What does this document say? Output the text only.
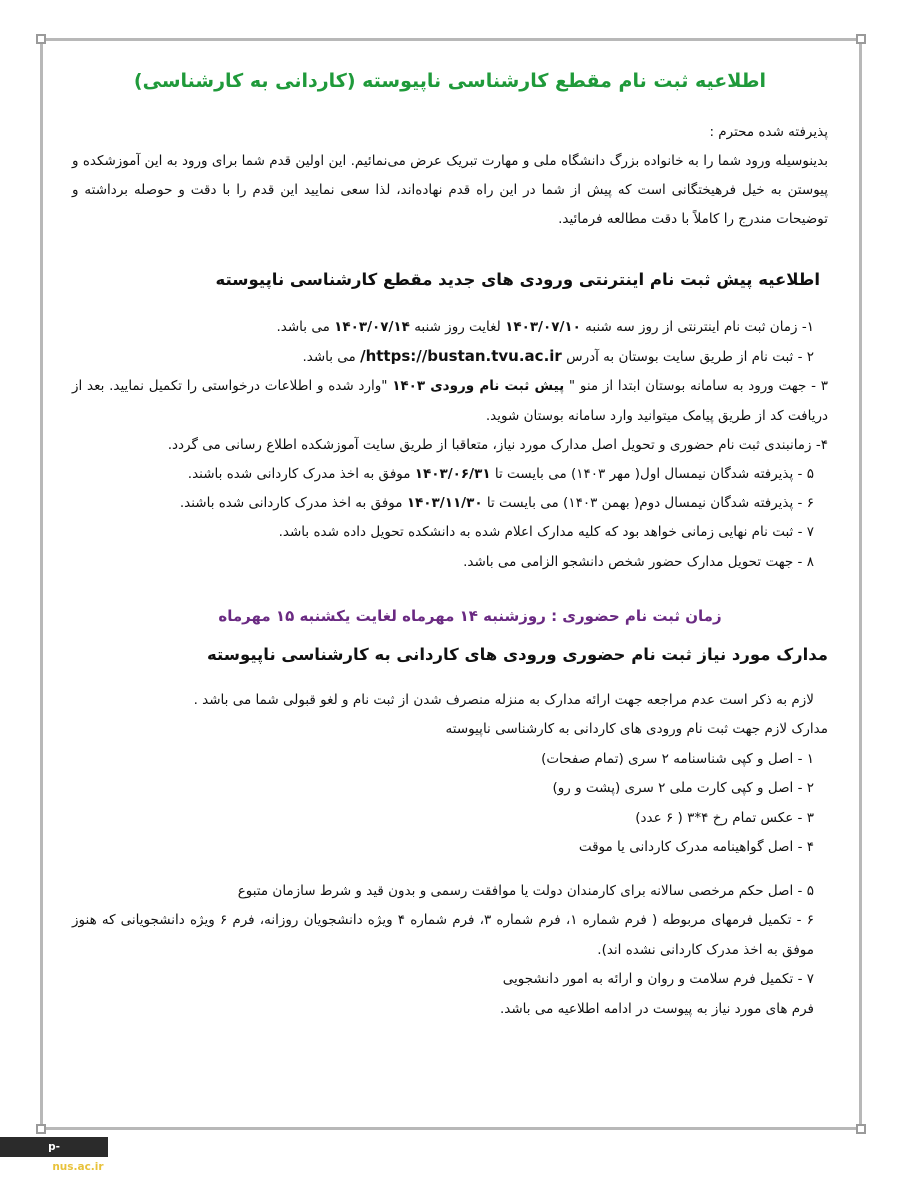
اطلاعیه ثبت نام مقطع کارشناسی ناپیوسته (کاردانی به کارشناسی)

پذیرفته شده محترم :

بدینوسیله ورود شما را به خانواده بزرگ دانشگاه ملی و مهارت تبریک عرض می‌نمائیم. این اولین قدم شما برای ورود به این آموزشکده و پیوستن به خیل فرهیختگانی است که پیش از شما در این راه قدم نهاده‌اند، لذا سعی نمایید این قدم را با دقت و حوصله برداشته و توضیحات مندرج را کاملاً با دقت مطالعه فرمائید.

اطلاعیه پیش ثبت نام اینترنتی ورودی های جدید مقطع کارشناسی ناپیوسته

۱- زمان ثبت نام اینترنتی از روز سه شنبه ۱۴۰۳/۰۷/۱۰ لغایت روز شنبه ۱۴۰۳/۰۷/۱۴ می باشد.

۲ - ثبت نام از طریق سایت بوستان به آدرس https://bustan.tvu.ac.ir/ می باشد.

۳ - جهت ورود به سامانه بوستان ابتدا از منو " پیش ثبت نام ورودی ۱۴۰۳ "وارد شده و اطلاعات درخواستی را تکمیل نمایید. بعد از دریافت کد از طریق پیامک میتوانید وارد سامانه بوستان شوید.

۴- زمانبندی ثبت نام حضوری و تحویل اصل مدارک مورد نیاز، متعاقبا از طریق سایت آموزشکده اطلاع رسانی می گردد.

۵ - پذیرفته شدگان نیمسال اول( مهر ۱۴۰۳) می بایست تا ۱۴۰۳/۰۶/۳۱ موفق به اخذ مدرک کاردانی شده باشند.

۶ - پذیرفته شدگان نیمسال دوم( بهمن ۱۴۰۳) می بایست تا ۱۴۰۳/۱۱/۳۰ موفق به اخذ مدرک کاردانی شده باشند.

۷ - ثبت نام نهایی زمانی خواهد بود که کلیه مدارک اعلام شده به دانشکده تحویل داده شده باشد.

۸ - جهت تحویل مدارک حضور شخص دانشجو الزامی می باشد.

زمان ثبت نام حضوری : روزشنبه ۱۴ مهرماه لغایت یکشنبه ۱۵ مهرماه
مدارک مورد نیاز ثبت نام حضوری ورودی های کاردانی به کارشناسی ناپیوسته

لازم به ذکر است عدم مراجعه جهت ارائه مدارک به منزله منصرف شدن از ثبت نام و لغو قبولی شما می باشد .

مدارک لازم جهت ثبت نام ورودی های کاردانی به کارشناسی ناپیوسته

۱ - اصل و کپی شناسنامه ۲ سری (تمام صفحات)

۲ - اصل و کپی کارت ملی ۲ سری (پشت و رو)

۳ - عکس تمام رخ ۴*۳ ( ۶ عدد)

۴ - اصل گواهینامه مدرک کاردانی یا موقت

۵ - اصل حکم مرخصی سالانه برای کارمندان دولت یا موافقت رسمی و بدون قید و شرط سازمان متبوع

۶ - تکمیل فرمهای مربوطه ( فرم شماره ۱، فرم شماره ۳، فرم شماره ۴ ویژه دانشجویان روزانه، فرم ۶ ویژه دانشجویانی که هنوز موفق به اخذ مدرک کاردانی نشده اند).

۷ - تکمیل فرم سلامت و روان و ارائه به امور دانشجویی

فرم های مورد نیاز به پیوست در ادامه اطلاعیه می باشد.

p-shirvan.nus.ac.ir
